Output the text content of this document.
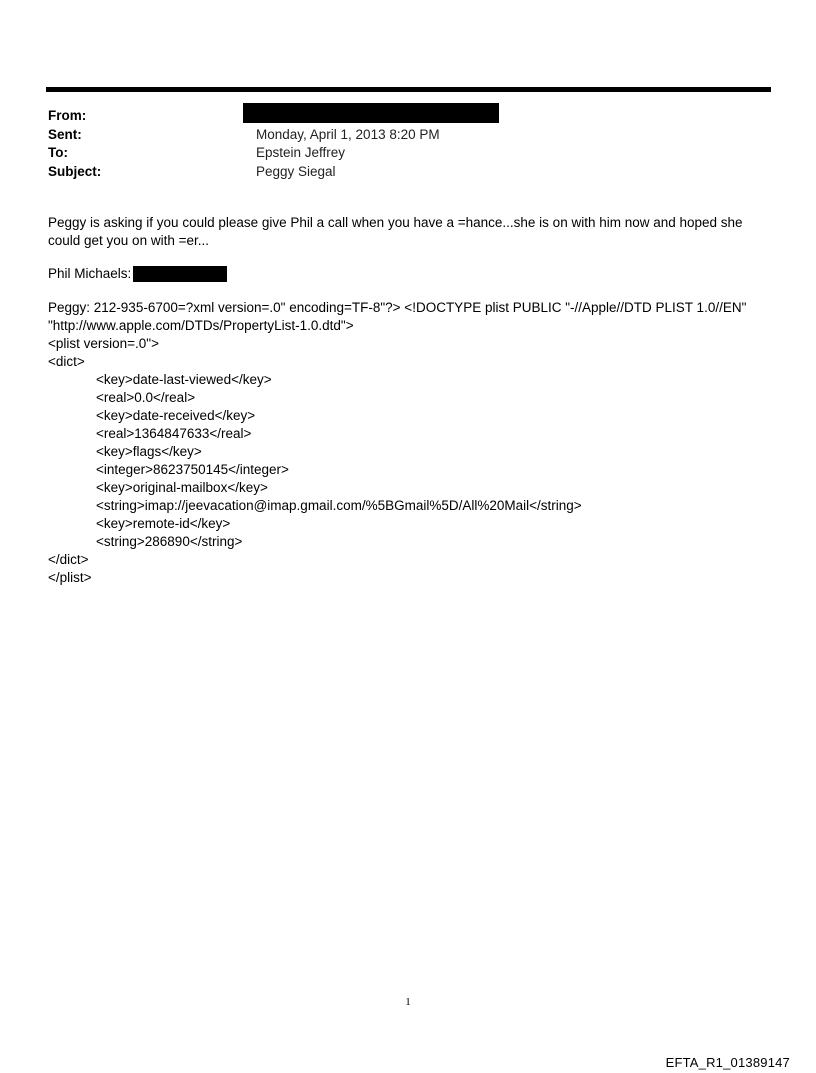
From:
Sent:	Monday, April 1, 2013 8:20 PM
To:	Epstein Jeffrey
Subject:	Peggy Siegal

Peggy is asking if you could please give Phil a call when you have a =hance...she is on with him now and hoped she could get you on with =er...

Phil Michaels:
Peggy: 212-935-6700=?xml version=.0" encoding=TF-8"?> <!DOCTYPE plist PUBLIC "-//Apple//DTD PLIST 1.0//EN"
"http://www.apple.com/DTDs/PropertyList-1.0.dtd">
<plist version=.0">
<dict>
<key>date-last-viewed</key>
<real>0.0</real>
<key>date-received</key>
<real>1364847633</real>
<key>flags</key>
<integer>8623750145</integer>
<key>original-mailbox</key>
<string>imap://jeevacation@imap.gmail.com/%5BGmail%5D/All%20Mail</string>
<key>remote-id</key>
<string>286890</string>
</dict>
</plist>
1
EFTA_R1_01389147
